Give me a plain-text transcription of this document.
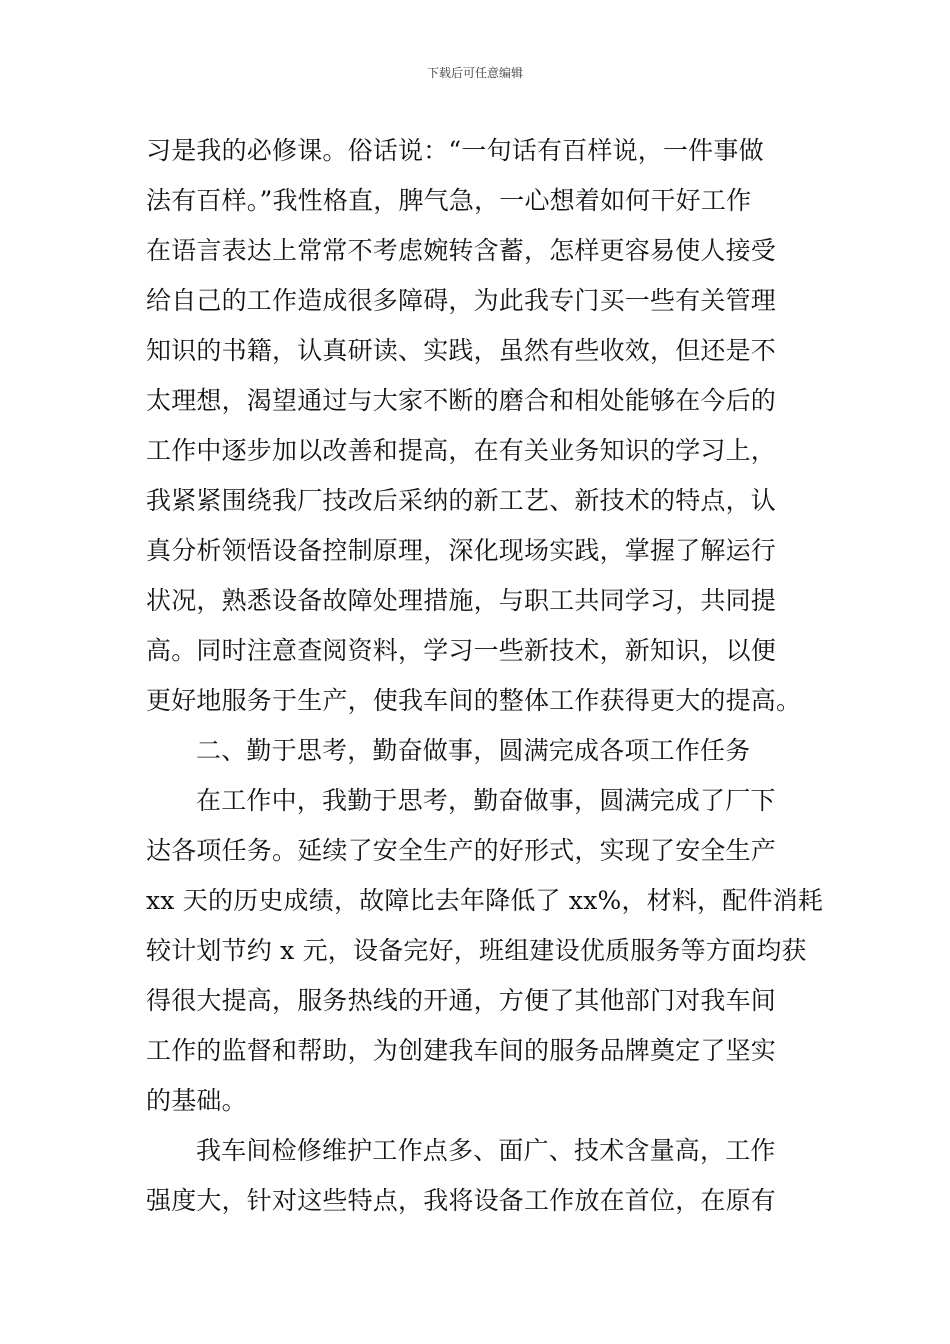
下载后可任意编辑
习是我的必修课。俗话说：“一句话有百样说，一件事做
法有百样。”我性格直，脾气急，一心想着如何干好工作
在语言表达上常常不考虑婉转含蓄，怎样更容易使人接受
给自己的工作造成很多障碍，为此我专门买一些有关管理
知识的书籍，认真研读、实践，虽然有些收效，但还是不
太理想，渴望通过与大家不断的磨合和相处能够在今后的
工作中逐步加以改善和提高，在有关业务知识的学习上，
我紧紧围绕我厂技改后采纳的新工艺、新技术的特点，认
真分析领悟设备控制原理，深化现场实践，掌握了解运行
状况，熟悉设备故障处理措施，与职工共同学习，共同提
高。同时注意查阅资料，学习一些新技术，新知识，以便
更好地服务于生产，使我车间的整体工作获得更大的提高。
二、勤于思考，勤奋做事，圆满完成各项工作任务
在工作中，我勤于思考，勤奋做事，圆满完成了厂下
达各项任务。延续了安全生产的好形式，实现了安全生产
xx 天的历史成绩，故障比去年降低了 xx%，材料，配件消耗
较计划节约 x 元，设备完好，班组建设优质服务等方面均获
得很大提高，服务热线的开通，方便了其他部门对我车间
工作的监督和帮助，为创建我车间的服务品牌奠定了坚实
的基础。
我车间检修维护工作点多、面广、技术含量高，工作
强度大，针对这些特点，我将设备工作放在首位，在原有
